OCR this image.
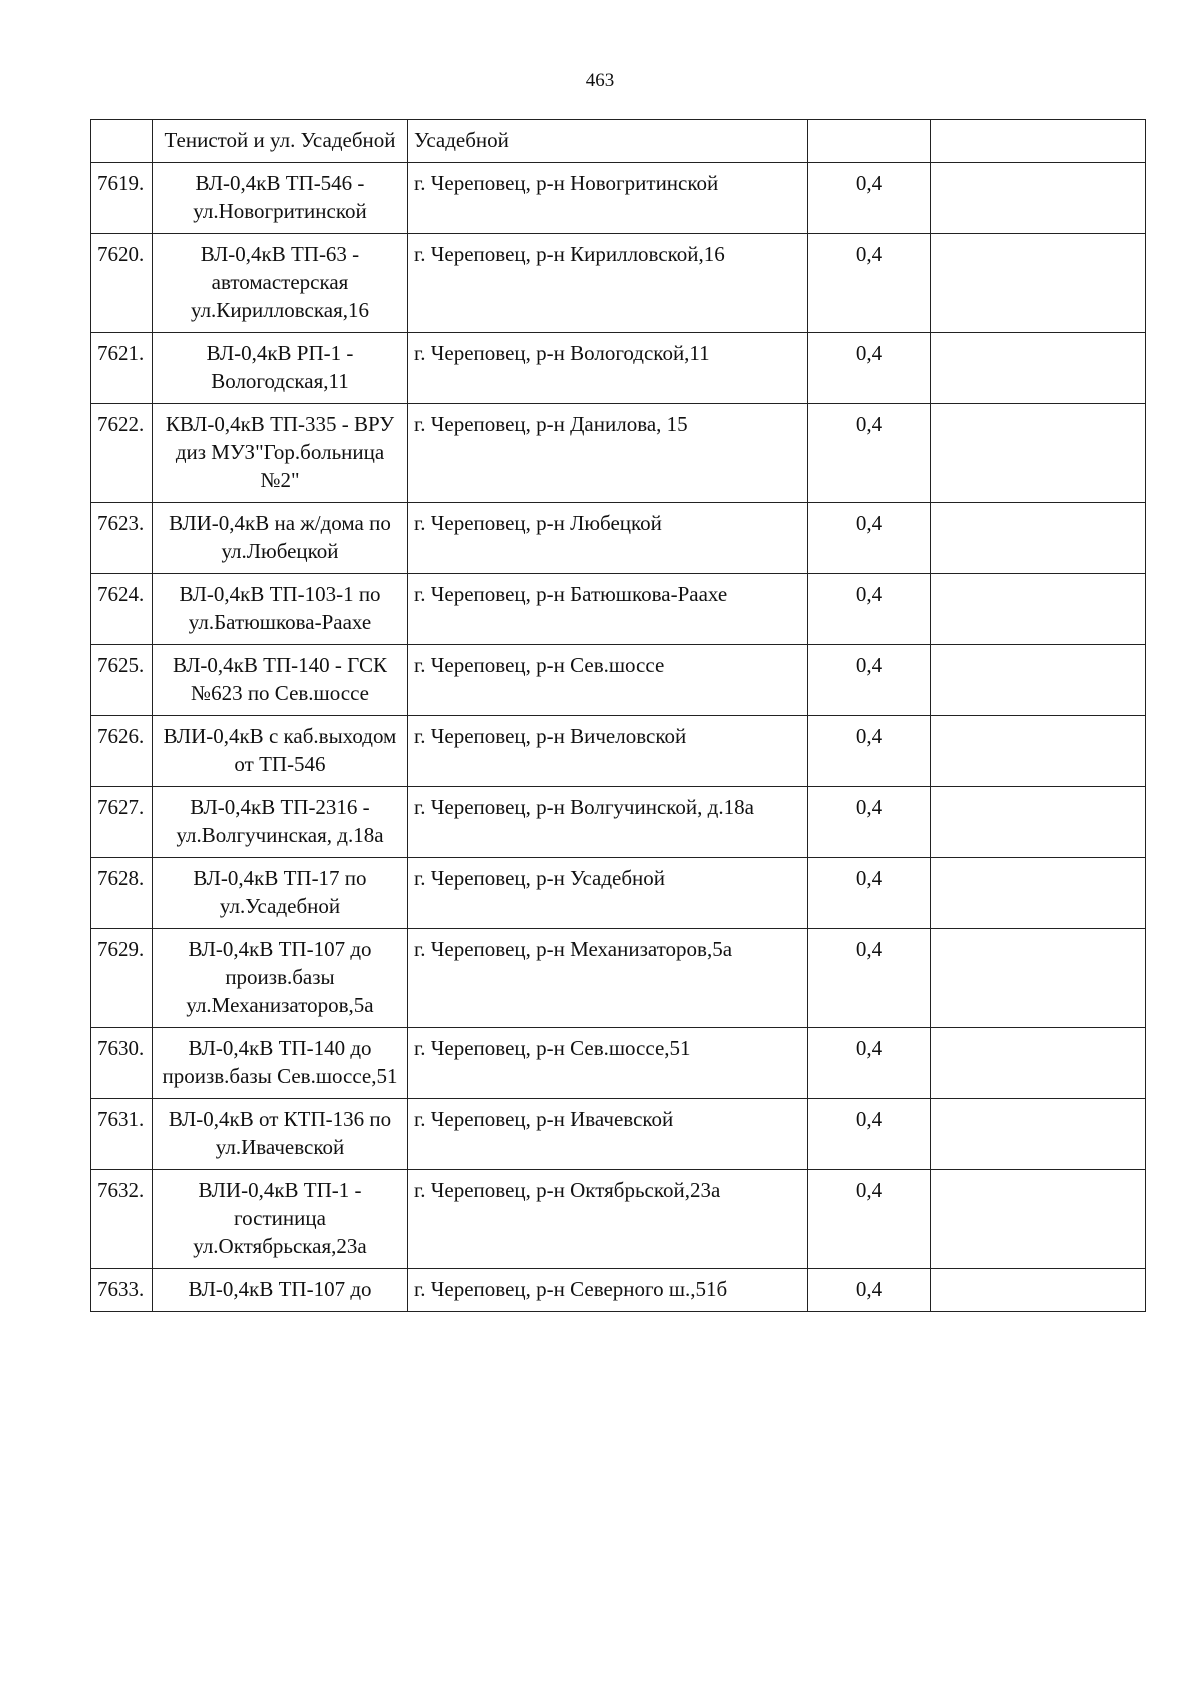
463
	Тенистой и ул. Усадебной	Усадебной		
7619.	ВЛ-0,4кВ ТП-546 - ул.Новогритинской	г. Череповец, р-н Новогритинской	0,4	
7620.	ВЛ-0,4кВ ТП-63 - автомастерская ул.Кирилловская,16	г. Череповец, р-н Кирилловской,16	0,4	
7621.	ВЛ-0,4кВ РП-1 - Вологодская,11	г. Череповец, р-н Вологодской,11	0,4	
7622.	КВЛ-0,4кВ ТП-335 - ВРУ диз МУЗ"Гор.больница №2"	г. Череповец, р-н Данилова, 15	0,4	
7623.	ВЛИ-0,4кВ на ж/дома по ул.Любецкой	г. Череповец, р-н Любецкой	0,4	
7624.	ВЛ-0,4кВ ТП-103-1 по ул.Батюшкова-Раахе	г. Череповец, р-н Батюшкова-Раахе	0,4	
7625.	ВЛ-0,4кВ ТП-140 - ГСК №623 по Сев.шоссе	г. Череповец, р-н Сев.шоссе	0,4	
7626.	ВЛИ-0,4кВ с каб.выходом от ТП-546	г. Череповец, р-н Вичеловской	0,4	
7627.	ВЛ-0,4кВ ТП-2316 - ул.Волгучинская, д.18а	г. Череповец, р-н Волгучинской, д.18а	0,4	
7628.	ВЛ-0,4кВ ТП-17 по ул.Усадебной	г. Череповец, р-н Усадебной	0,4	
7629.	ВЛ-0,4кВ ТП-107 до произв.базы ул.Механизаторов,5а	г. Череповец, р-н Механизаторов,5а	0,4	
7630.	ВЛ-0,4кВ ТП-140 до произв.базы Сев.шоссе,51	г. Череповец, р-н Сев.шоссе,51	0,4	
7631.	ВЛ-0,4кВ от КТП-136 по ул.Ивачевской	г. Череповец, р-н Ивачевской	0,4	
7632.	ВЛИ-0,4кВ ТП-1 - гостиница ул.Октябрьская,23а	г. Череповец, р-н Октябрьской,23а	0,4	
7633.	ВЛ-0,4кВ ТП-107 до	г. Череповец, р-н Северного ш.,51б	0,4	
